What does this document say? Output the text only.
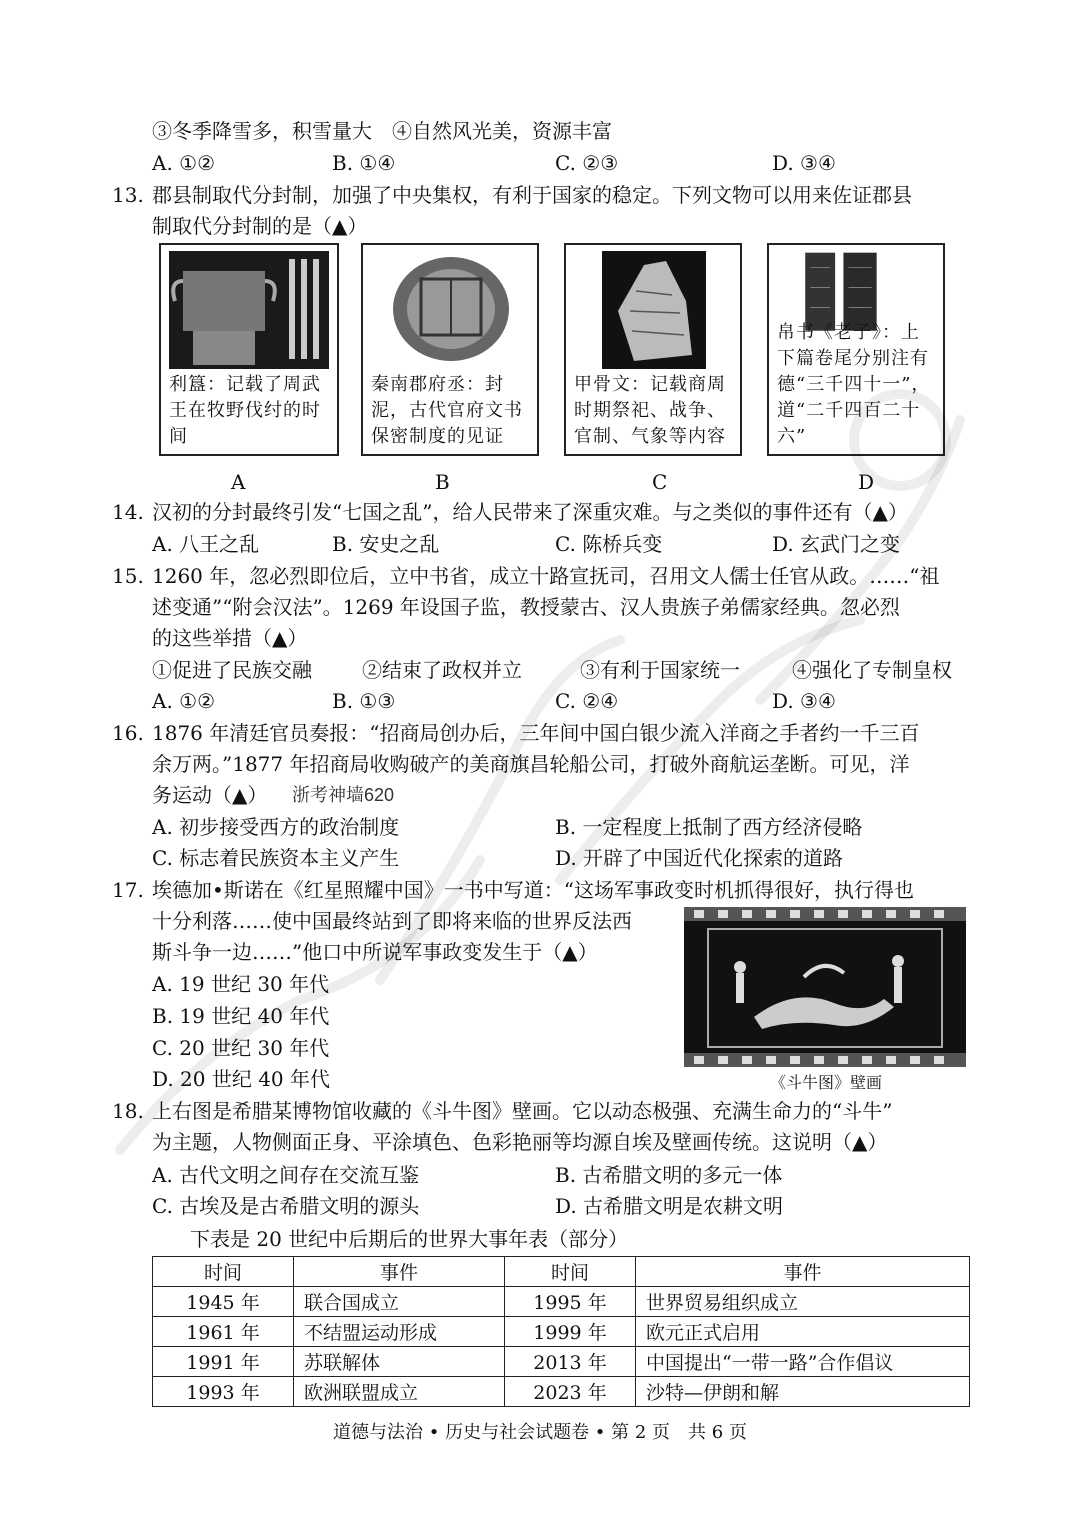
③冬季降雪多，积雪量大　④自然风光美，资源丰富
A. ①②	B. ①④	C. ②③	D. ③④
13. 郡县制取代分封制，加强了中央集权，有利于国家的稳定。下列文物可以用来佐证郡县
制取代分封制的是（▲）
利簋：记载了周武王在牧野伐纣的时间
A
秦南郡府丞：封泥，古代官府文书保密制度的见证
B
甲骨文：记载商周时期祭祀、战争、官制、气象等内容
C
帛书《老子》：上下篇卷尾分别注有德“三千四十一”，道“二千四百二十六”
D
14. 汉初的分封最终引发“七国之乱”，给人民带来了深重灾难。与之类似的事件还有（▲）
A. 八王之乱	B. 安史之乱	C. 陈桥兵变	D. 玄武门之变
15. 1260 年，忽必烈即位后，立中书省，成立十路宣抚司，召用文人儒士任官从政。……“祖
述变通”“附会汉法”。1269 年设国子监，教授蒙古、汉人贵族子弟儒家经典。忽必烈
的这些举措（▲）
①促进了民族交融	②结束了政权并立	③有利于国家统一	④强化了专制皇权
A. ①②	B. ①③	C. ②④	D. ③④
16. 1876 年清廷官员奏报：“招商局创办后，三年间中国白银少流入洋商之手者约一千三百
余万两。”1877 年招商局收购破产的美商旗昌轮船公司，打破外商航运垄断。可见，洋
务运动（▲） 浙考神墙620
A. 初步接受西方的政治制度	B. 一定程度上抵制了西方经济侵略
C. 标志着民族资本主义产生	D. 开辟了中国近代化探索的道路
17. 埃德加•斯诺在《红星照耀中国》一书中写道：“这场军事政变时机抓得很好，执行得也
十分利落……使中国最终站到了即将来临的世界反法西
斯斗争一边……”他口中所说军事政变发生于（▲）
A. 19 世纪 30 年代
B. 19 世纪 40 年代
C. 20 世纪 30 年代
D. 20 世纪 40 年代	《斗牛图》壁画
18. 上右图是希腊某博物馆收藏的《斗牛图》壁画。它以动态极强、充满生命力的“斗牛”
为主题，人物侧面正身、平涂填色、色彩艳丽等均源自埃及壁画传统。这说明（▲）
A. 古代文明之间存在交流互鉴	B. 古希腊文明的多元一体
C. 古埃及是古希腊文明的源头	D. 古希腊文明是农耕文明
下表是 20 世纪中后期后的世界大事年表（部分）
时间	事件	时间	事件
1945 年	联合国成立	1995 年	世界贸易组织成立
1961 年	不结盟运动形成	1999 年	欧元正式启用
1991 年	苏联解体	2013 年	中国提出“一带一路”合作倡议
1993 年	欧洲联盟成立	2023 年	沙特—伊朗和解
道德与法治 • 历史与社会试题卷 • 第 2 页　共 6 页
